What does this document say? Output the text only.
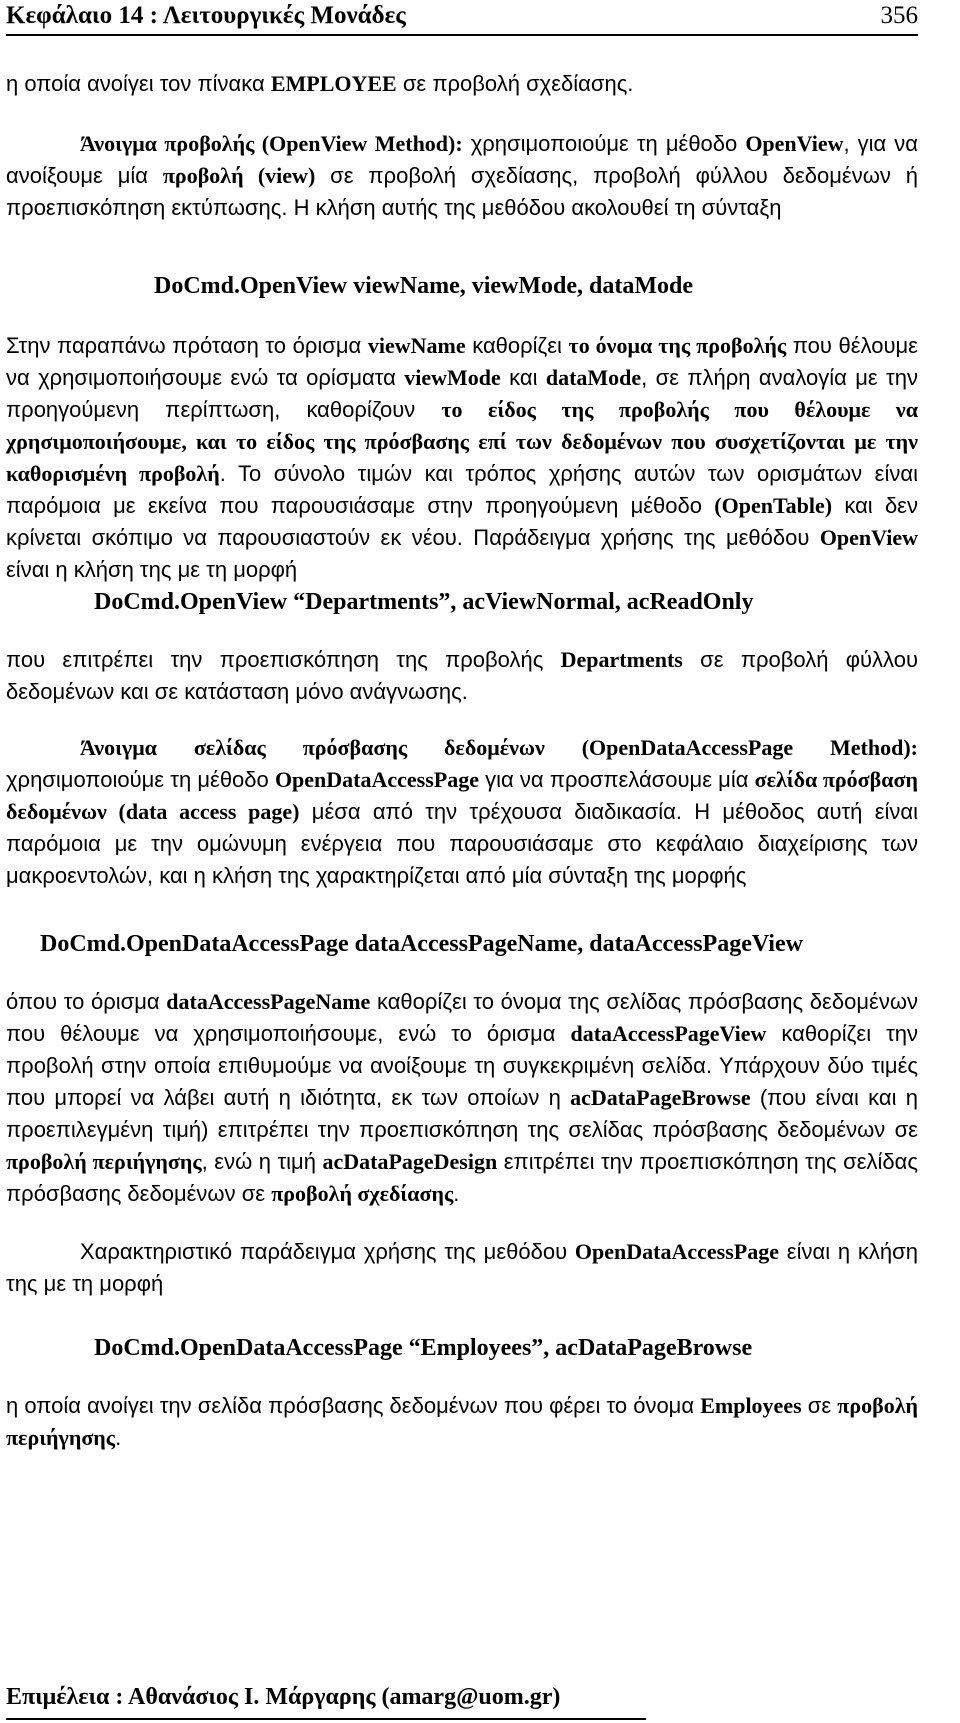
Κεφάλαιο 14 : Λειτουργικές Μονάδες	356

η οποία ανοίγει τον πίνακα EMPLOYEE σε προβολή σχεδίασης.

Άνοιγμα προβολής (OpenView Method): χρησιμοποιούμε τη μέθοδο OpenView, για να ανοίξουμε μία προβολή (view) σε προβολή σχεδίασης, προβολή φύλλου δεδομένων ή προεπισκόπηση εκτύπωσης. Η κλήση αυτής της μεθόδου ακολουθεί τη σύνταξη

DoCmd.OpenView viewName, viewMode, dataMode

Στην παραπάνω πρόταση το όρισμα viewName καθορίζει το όνομα της προβολής που θέλουμε να χρησιμοποιήσουμε ενώ τα ορίσματα viewMode και dataMode, σε πλήρη αναλογία με την προηγούμενη περίπτωση, καθορίζουν το είδος της προβολής που θέλουμε να χρησιμοποιήσουμε, και το είδος της πρόσβασης επί των δεδομένων που συσχετίζονται με την καθορισμένη προβολή. Το σύνολο τιμών και τρόπος χρήσης αυτών των ορισμάτων είναι παρόμοια με εκείνα που παρουσιάσαμε στην προηγούμενη μέθοδο (OpenTable) και δεν κρίνεται σκόπιμο να παρουσιαστούν εκ νέου. Παράδειγμα χρήσης της μεθόδου OpenView είναι η κλήση της με τη μορφή

DoCmd.OpenView “Departments”, acViewNormal, acReadOnly

που επιτρέπει την προεπισκόπηση της προβολής Departments σε προβολή φύλλου δεδομένων και σε κατάσταση μόνο ανάγνωσης.

Άνοιγμα σελίδας πρόσβασης δεδομένων (OpenDataAccessPage Method): χρησιμοποιούμε τη μέθοδο OpenDataAccessPage για να προσπελάσουμε μία σελίδα πρόσβαση δεδομένων (data access page) μέσα από την τρέχουσα διαδικασία. Η μέθοδος αυτή είναι παρόμοια με την ομώνυμη ενέργεια που παρουσιάσαμε στο κεφάλαιο διαχείρισης των μακροεντολών, και η κλήση της χαρακτηρίζεται από μία σύνταξη της μορφής

DoCmd.OpenDataAccessPage dataAccessPageName, dataAccessPageView

όπου το όρισμα dataAccessPageName καθορίζει το όνομα της σελίδας πρόσβασης δεδομένων που θέλουμε να χρησιμοποιήσουμε, ενώ το όρισμα dataAccessPageView καθορίζει την προβολή στην οποία επιθυμούμε να ανοίξουμε τη συγκεκριμένη σελίδα. Υπάρχουν δύο τιμές που μπορεί να λάβει αυτή η ιδιότητα, εκ των οποίων η acDataPageBrowse (που είναι και η προεπιλεγμένη τιμή) επιτρέπει την προεπισκόπηση της σελίδας πρόσβασης δεδομένων σε προβολή περιήγησης, ενώ η τιμή acDataPageDesign επιτρέπει την προεπισκόπηση της σελίδας πρόσβασης δεδομένων σε προβολή σχεδίασης.

Χαρακτηριστικό παράδειγμα χρήσης της μεθόδου OpenDataAccessPage είναι η κλήση της με τη μορφή

DoCmd.OpenDataAccessPage “Employees”, acDataPageBrowse

η οποία ανοίγει την σελίδα πρόσβασης δεδομένων που φέρει το όνομα Employees σε προβολή περιήγησης.

Επιμέλεια : Αθανάσιος Ι. Μάργαρης (amarg@uom.gr)
